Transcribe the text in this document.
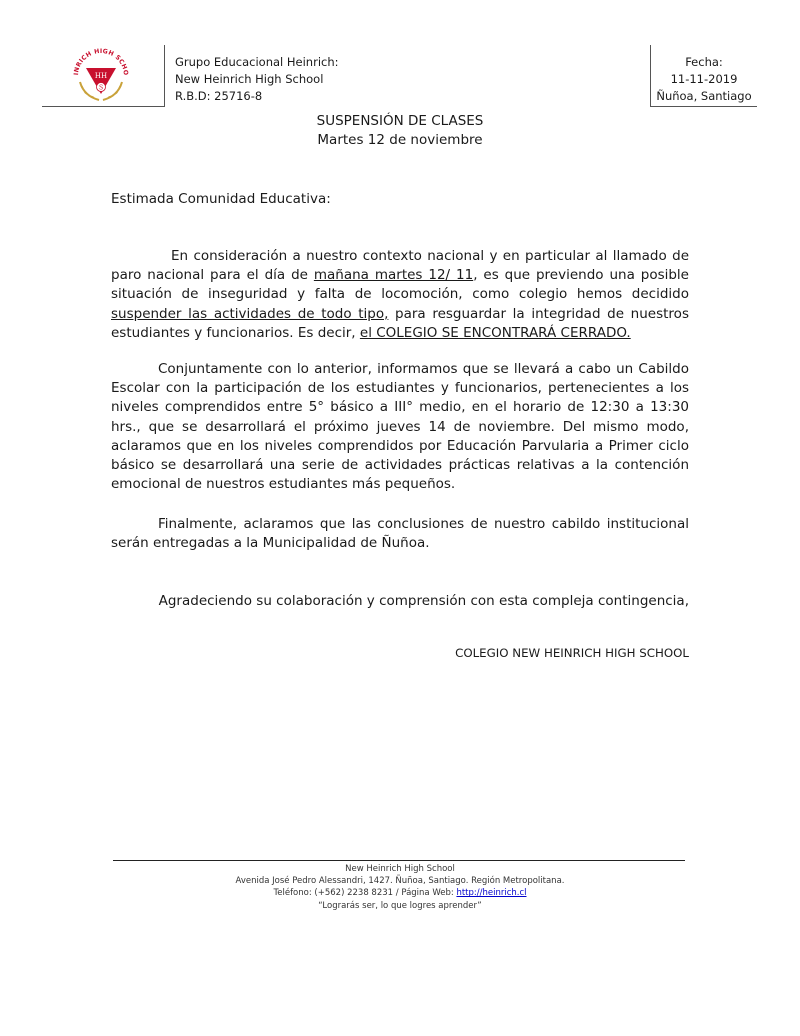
INRICH HIGH SCHO
HH
S
Grupo Educacional Heinrich:
New Heinrich High School
R.B.D: 25716-8
Fecha:
11-11-2019
Ñuñoa, Santiago
SUSPENSIÓN DE CLASES
Martes 12 de noviembre
Estimada Comunidad Educativa:
En consideración a nuestro contexto nacional y en particular al llamado de paro nacional para el día de mañana martes 12/ 11, es que previendo una posible situación de inseguridad y falta de locomoción, como colegio hemos decidido suspender las actividades de todo tipo, para resguardar la integridad de nuestros estudiantes y funcionarios. Es decir, el COLEGIO SE ENCONTRARÁ CERRADO.
Conjuntamente con lo anterior, informamos que se llevará a cabo un Cabildo Escolar con la participación de los estudiantes y funcionarios, pertenecientes a los niveles comprendidos entre 5° básico a III° medio, en el horario de 12:30 a 13:30 hrs., que se desarrollará el próximo jueves 14 de noviembre. Del mismo modo, aclaramos que en los niveles comprendidos por Educación Parvularia a Primer ciclo básico se desarrollará una serie de actividades prácticas relativas a la contención emocional de nuestros estudiantes más pequeños.
Finalmente, aclaramos que las conclusiones de nuestro cabildo institucional serán entregadas a la Municipalidad de Ñuñoa.
Agradeciendo su colaboración y comprensión con esta compleja contingencia,
COLEGIO NEW HEINRICH HIGH SCHOOL
New Heinrich High School
Avenida José Pedro Alessandri, 1427. Ñuñoa, Santiago. Región Metropolitana.
Teléfono: (+562) 2238 8231 / Página Web: http://heinrich.cl
“Lograrás ser, lo que logres aprender”
